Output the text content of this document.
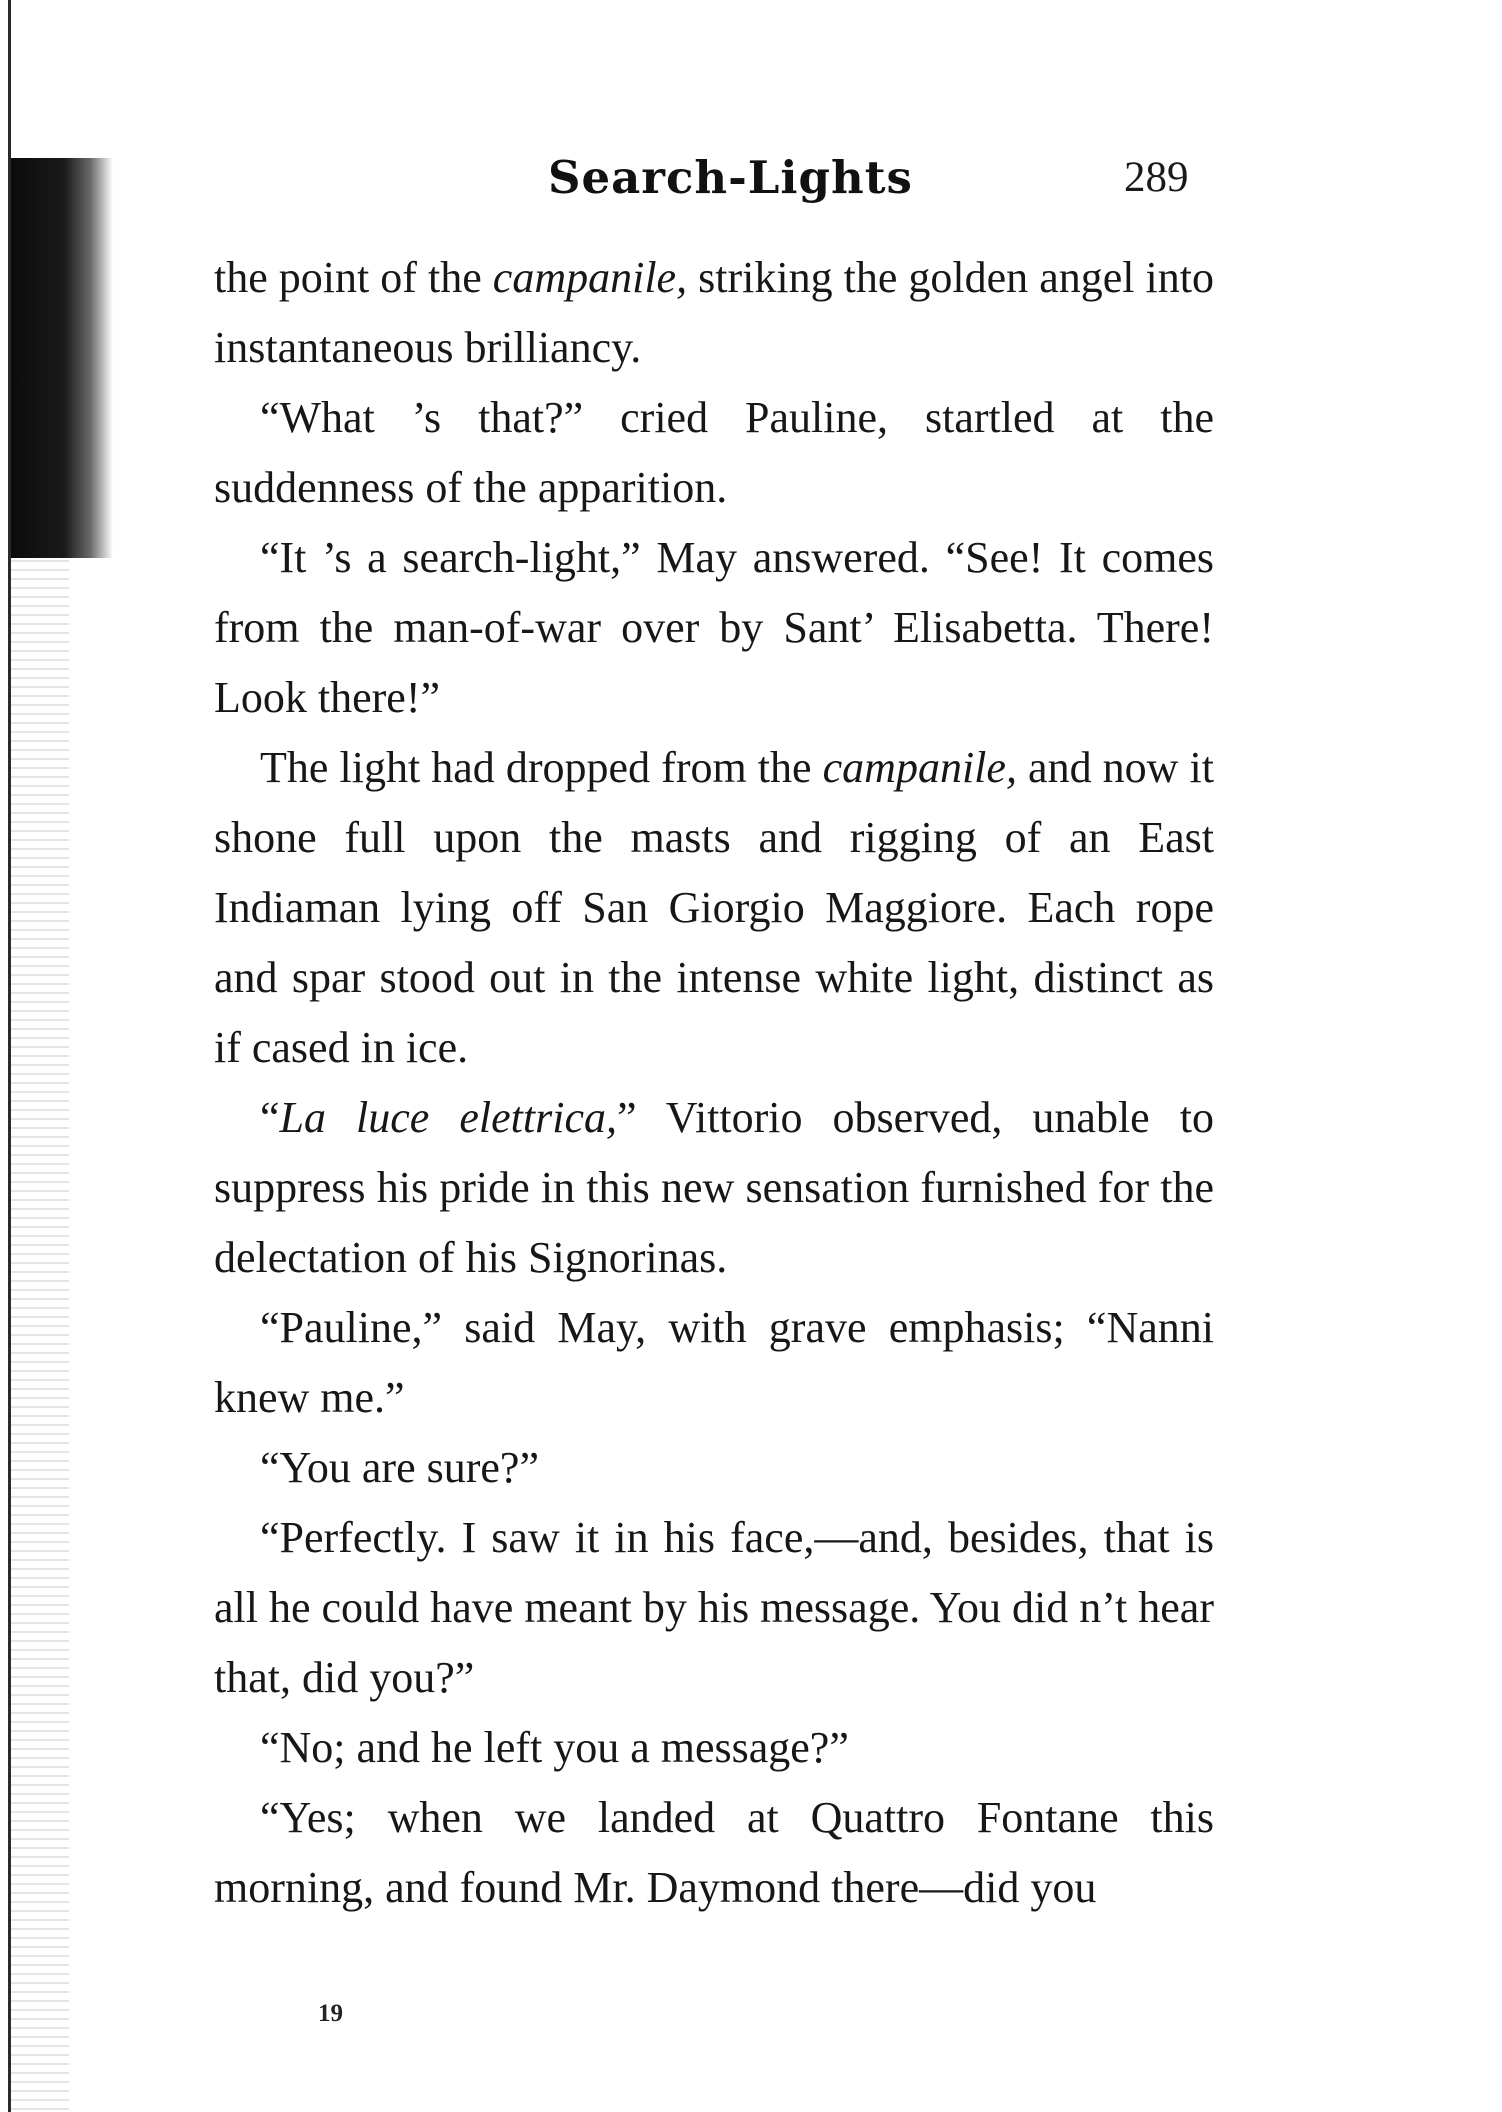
Search-Lights	289

the point of the campanile, striking the golden angel into instantaneous brilliancy.

“What ’s that?” cried Pauline, startled at the suddenness of the apparition.

“It ’s a search-light,” May answered. “See! It comes from the man-of-war over by Sant’ Elisabetta. There! Look there!”

The light had dropped from the campanile, and now it shone full upon the masts and rigging of an East Indiaman lying off San Giorgio Maggiore. Each rope and spar stood out in the intense white light, distinct as if cased in ice.

“La luce elettrica,” Vittorio observed, unable to suppress his pride in this new sensation furnished for the delectation of his Signorinas.

“Pauline,” said May, with grave emphasis; “Nanni knew me.”

“You are sure?”

“Perfectly. I saw it in his face,—and, besides, that is all he could have meant by his message. You did n’t hear that, did you?”

“No; and he left you a message?”

“Yes; when we landed at Quattro Fontane this morning, and found Mr. Daymond there—did you

19
